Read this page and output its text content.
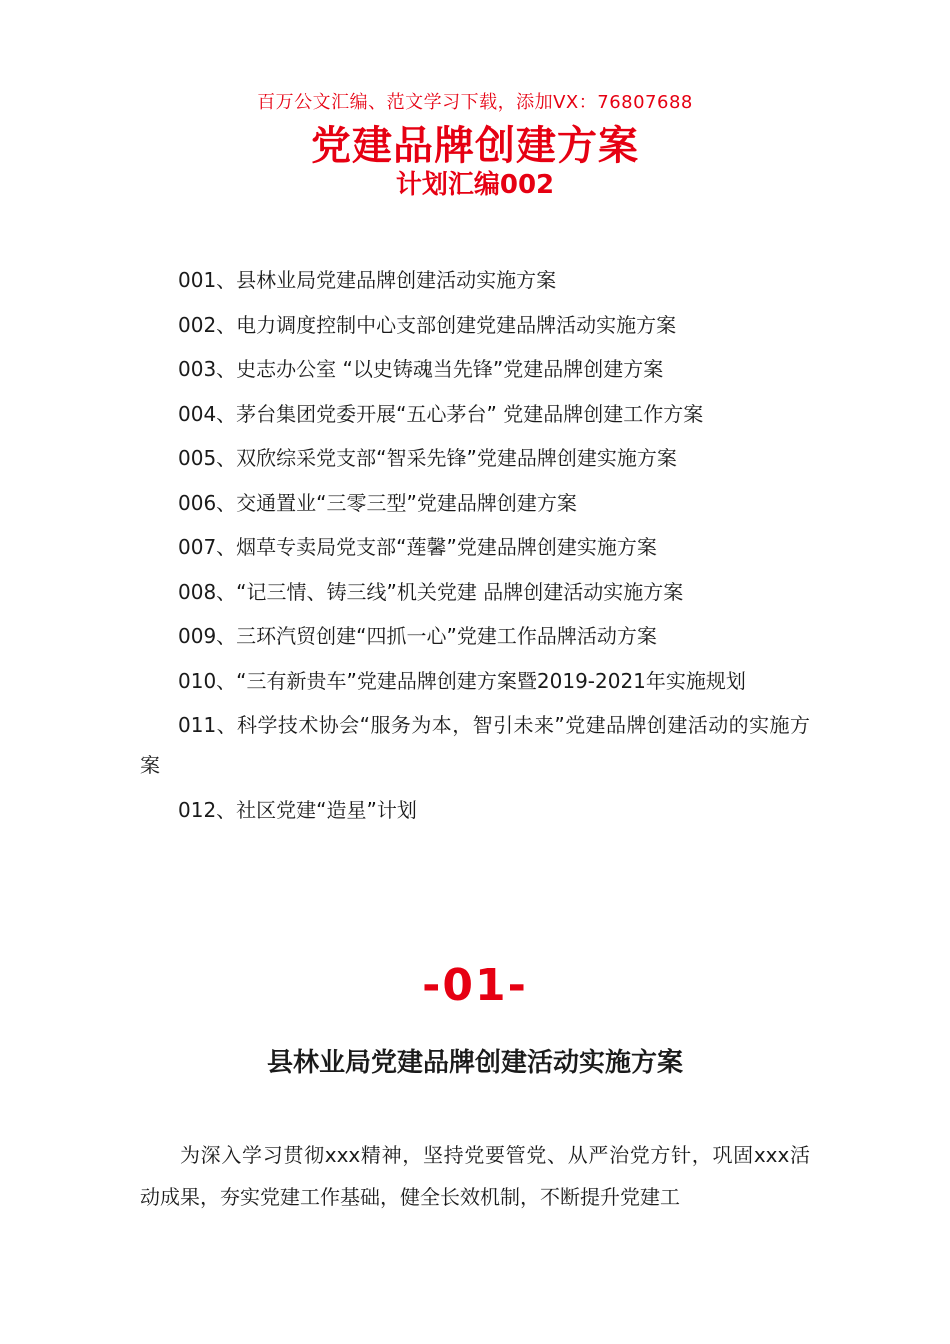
百万公文汇编、范文学习下载，添加VX：76807688
党建品牌创建方案
计划汇编002
001、县林业局党建品牌创建活动实施方案
002、电力调度控制中心支部创建党建品牌活动实施方案
003、史志办公室 “以史铸魂当先锋”党建品牌创建方案
004、茅台集团党委开展“五心茅台” 党建品牌创建工作方案
005、双欣综采党支部“智采先锋”党建品牌创建实施方案
006、交通置业“三零三型”党建品牌创建方案
007、烟草专卖局党支部“莲馨”党建品牌创建实施方案
008、“记三情、铸三线”机关党建 品牌创建活动实施方案
009、三环汽贸创建“四抓一心”党建工作品牌活动方案
010、“三有新贵车”党建品牌创建方案暨2019-2021年实施规划
011、科学技术协会“服务为本，智引未来”党建品牌创建活动的实施方案
012、社区党建“造星”计划
-01-
县林业局党建品牌创建活动实施方案

为深入学习贯彻xxx精神，坚持党要管党、从严治党方针，巩固xxx活动成果，夯实党建工作基础，健全长效机制，不断提升党建工
